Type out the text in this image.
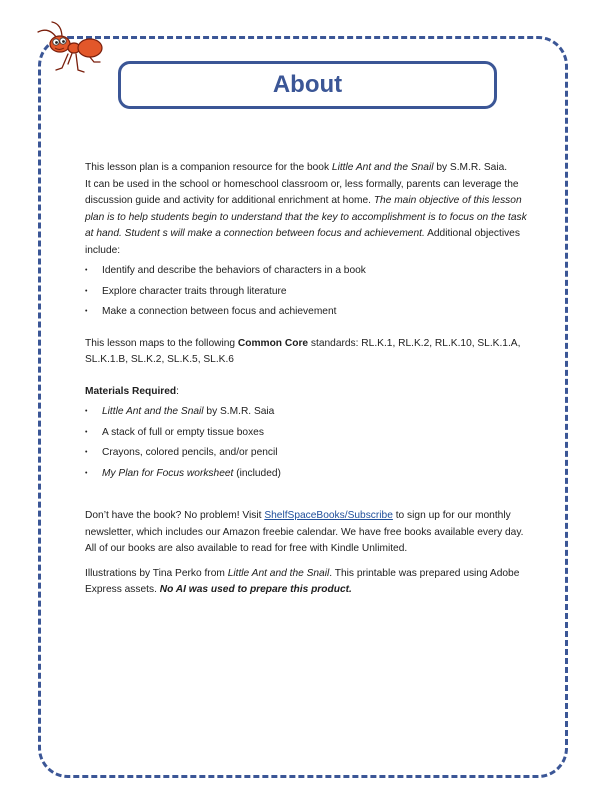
About

This lesson plan is a companion resource for the book Little Ant and the Snail by S.M.R. Saia.
It can be used in the school or homeschool classroom or, less formally, parents can leverage the discussion guide and activity for additional enrichment at home. The main objective of this lesson plan is to help students begin to understand that the key to accomplishment is to focus on the task at hand. Student s will make a connection between focus and achievement. Additional objectives include:

• Identify and describe the behaviors of characters in a book
• Explore character traits through literature
• Make a connection between focus and achievement

This lesson maps to the following Common Core standards: RL.K.1, RL.K.2, RL.K.10, SL.K.1.A, SL.K.1.B, SL.K.2, SL.K.5, SL.K.6

Materials Required:

• Little Ant and the Snail by S.M.R. Saia
• A stack of full or empty tissue boxes
• Crayons, colored pencils, and/or pencil
• My Plan for Focus worksheet (included)

Don’t have the book? No problem! Visit ShelfSpaceBooks/Subscribe to sign up for our monthly newsletter, which includes our Amazon freebie calendar. We have free books available every day. All of our books are also available to read for free with Kindle Unlimited.

Illustrations by Tina Perko from Little Ant and the Snail. This printable was prepared using Adobe Express assets. No AI was used to prepare this product.
